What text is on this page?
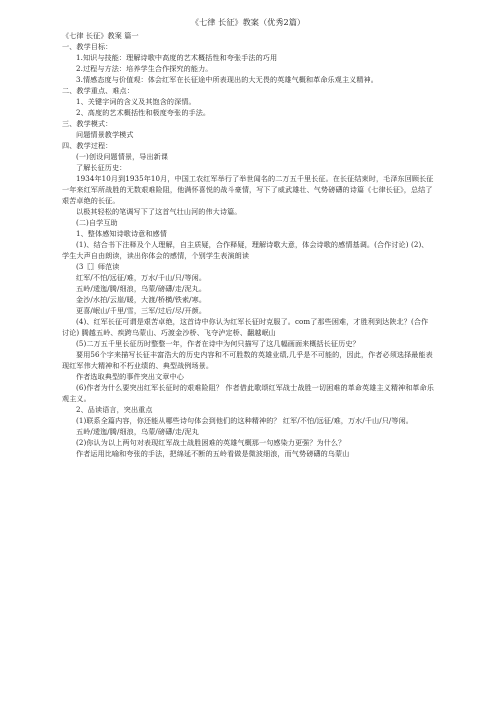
《七律 长征》教案（优秀2篇）

《七律 长征》教案 篇一

一、教学目标：

1.知识与技能：理解诗歌中高度的艺术概括性和夸张手法的巧用

2.过程与方法：培养学生合作探究的能力。

3.情感态度与价值观：体会红军在长征途中所表现出的大无畏的英雄气概和革命乐观主义精神。

二、教学重点、难点：

1、关键字词的含义及其饱含的深情。

2、高度的艺术概括性和极度夸张的手法。

三、教学模式：

问题情景教学模式

四、教学过程：

(一)创设问题情景，导出新课

了解长征历史：

1934年10月到1935年10月，中国工农红军举行了举世闻名的二万五千里长征。在长征结束时，毛泽东回顾长征一年来红军所战胜的无数艰难险阻，他满怀喜悦的战斗豪情，写下了威武雄壮、气势磅礴的诗篇《七律长征》，总结了艰苦卓绝的长征。

以极其轻松的笔调写下了这首气壮山河的伟大诗篇。

(二)自学互助

1、整体感知诗歌诗意和感情

(1)、结合书下注释及个人理解，自主质疑，合作释疑，理解诗歌大意，体会诗歌的感情基调。(合作讨论) (2)、学生大声自由朗读，读出你体会的感情，个别学生表演朗读

(3〖〗师范读

红军/不怕/远征/难，万水/千山/只/等闲。

五岭/逶迤/腾/细浪，乌蒙/磅礴/走/泥丸。

金沙/水拍/云崖/暖，大渡/桥横/铁索/寒。

更喜/岷山/千里/雪，三军/过后/尽/开颜。

(4)、红军长征可谓是艰苦卓绝，这首诗中你认为红军长征时克服了。com了那些困难，才胜利到达陕北？(合作讨论) 腾越五岭、疾跨乌蒙山、巧渡金沙桥、飞夺泸定桥、翻越岷山

(5)二万五千里长征历时整整一年，作者在诗中为何只描写了这几幅画面来概括长征历史？

要用56个字来描写长征丰富浩大的历史内容和不可胜数的英雄业绩,几乎是不可能的，因此，作者必须选择最能表现红军伟大精神和不朽业绩的、典型战例场景。

作者选取典型的事件突出文章中心

(6)作者为什么要突出红军长征时的艰难险阻？ 作者借此歌颂红军战士战胜一切困难的革命英雄主义精神和革命乐观主义。

2、品读语言，突出重点

(1)联系全篇内容，你还能从哪些诗句体会到他们的这种精神的？ 红军/不怕/远征/难，万水/千山/只/等闲。

五岭/逶迤/腾/细浪，乌蒙/磅礴/走/泥丸

(2)你认为以上两句对表现红军战士战胜困难的英雄气概那一句感染力更强？为什么？

作者运用比喻和夸张的手法，把绵延不断的五岭看做是微波细浪，而气势磅礴的乌蒙山
